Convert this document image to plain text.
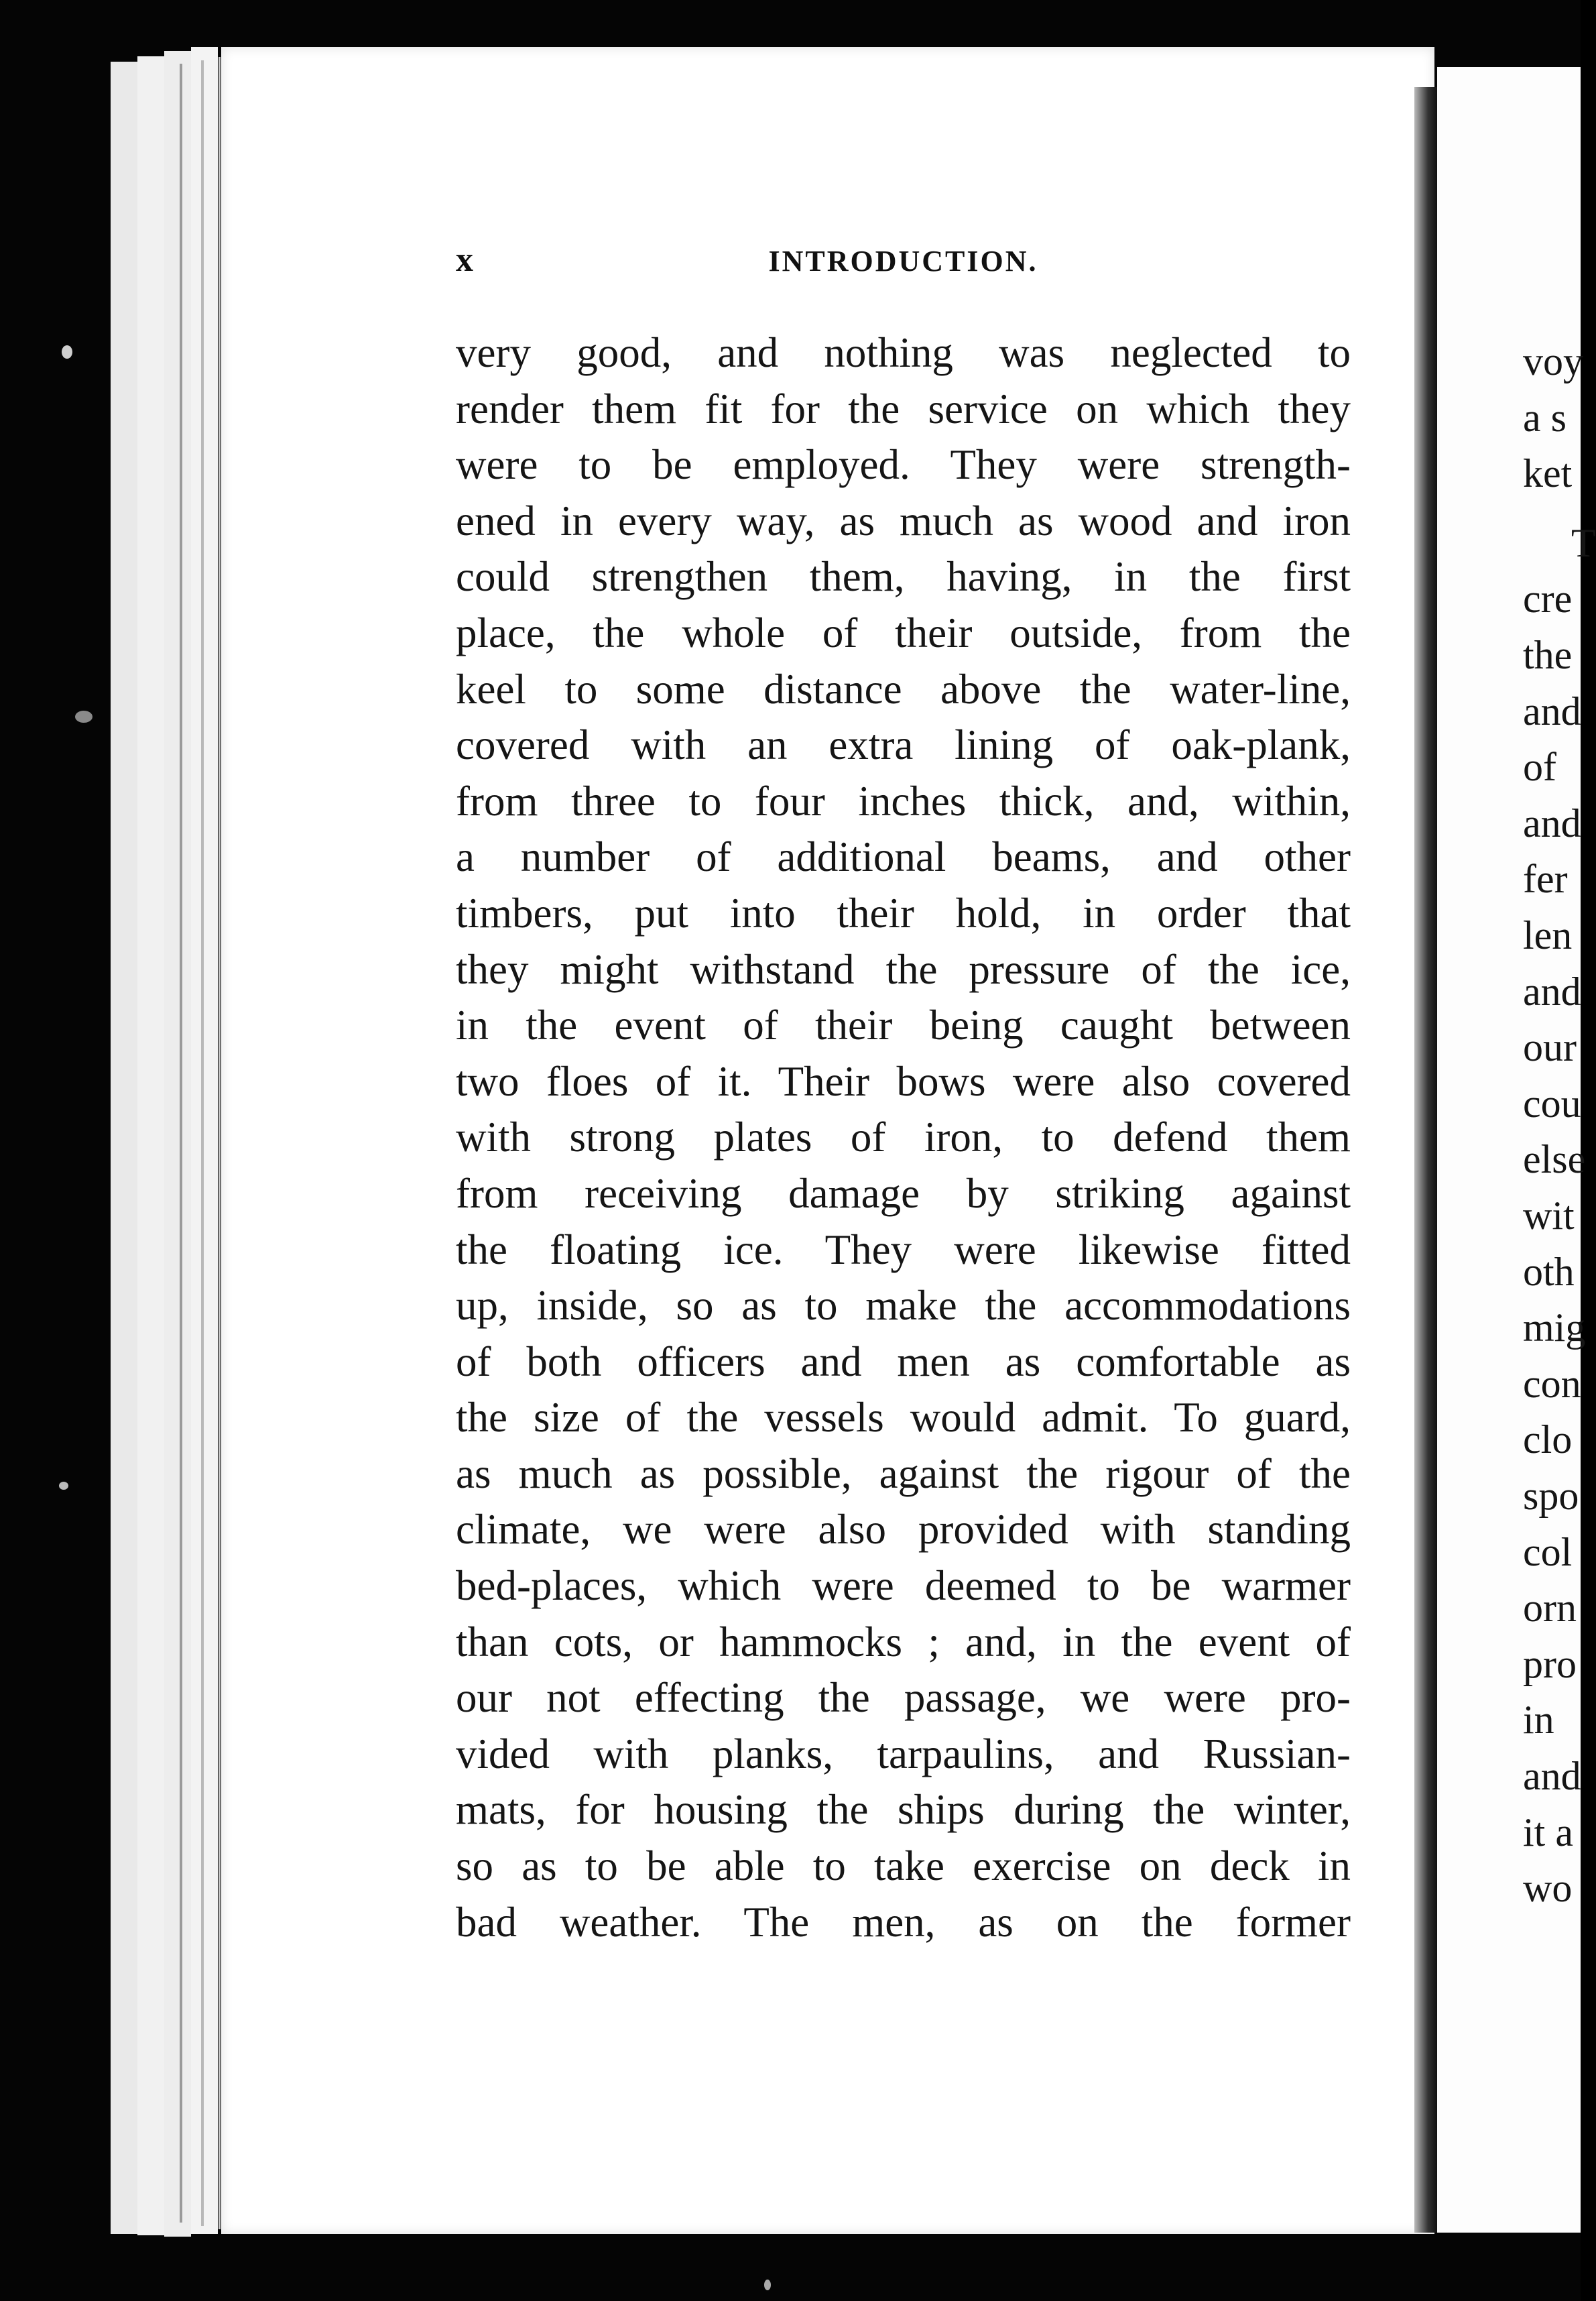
voy
a s
ket
T
cre
the
and
of
and
fer
len
and
our
cou
else
wit
oth
mig
con
clo
spo
col
orn
pro
in
and
it a
wo
x	INTRODUCTION.
very good, and nothing was neglected to
render them fit for the service on which they
were to be employed. They were strength-
ened in every way, as much as wood and iron
could strengthen them, having, in the first
place, the whole of their outside, from the
keel to some distance above the water-line,
covered with an extra lining of oak-plank,
from three to four inches thick, and, within,
a number of additional beams, and other
timbers, put into their hold, in order that
they might withstand the pressure of the ice,
in the event of their being caught between
two floes of it. Their bows were also covered
with strong plates of iron, to defend them
from receiving damage by striking against
the floating ice. They were likewise fitted
up, inside, so as to make the accommodations
of both officers and men as comfortable as
the size of the vessels would admit. To guard,
as much as possible, against the rigour of the
climate, we were also provided with standing
bed-places, which were deemed to be warmer
than cots, or hammocks ; and, in the event of
our not effecting the passage, we were pro-
vided with planks, tarpaulins, and Russian-
mats, for housing the ships during the winter,
so as to be able to take exercise on deck in
bad weather. The men, as on the former
